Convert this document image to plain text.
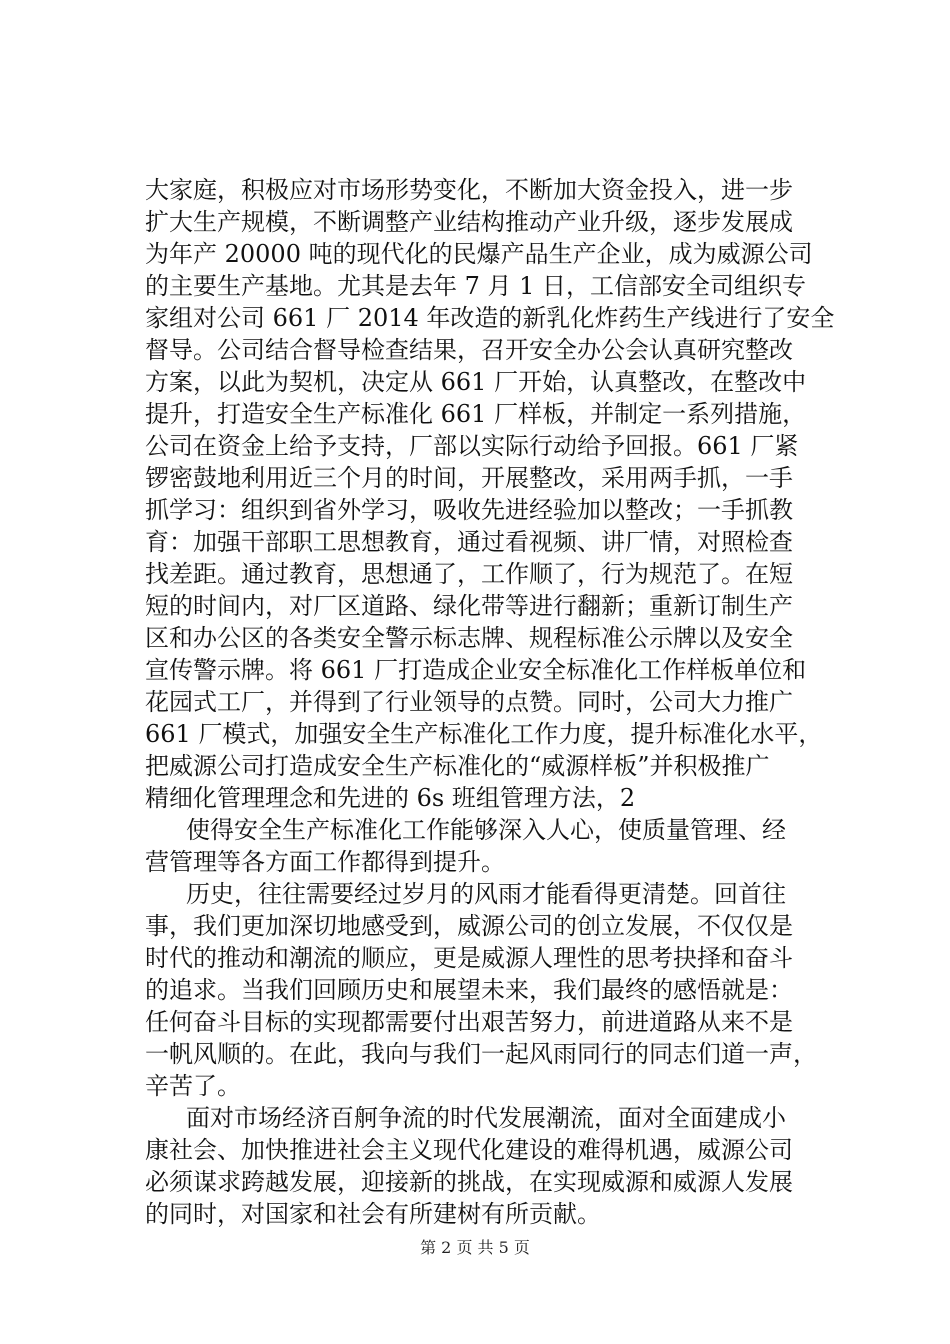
大家庭，积极应对市场形势变化，不断加大资金投入，进一步
扩大生产规模，不断调整产业结构推动产业升级，逐步发展成
为年产 20000 吨的现代化的民爆产品生产企业，成为威源公司
的主要生产基地。尤其是去年 7 月 1 日，工信部安全司组织专
家组对公司 661 厂 2014 年改造的新乳化炸药生产线进行了安全
督导。公司结合督导检查结果，召开安全办公会认真研究整改
方案，以此为契机，决定从 661 厂开始，认真整改，在整改中
提升，打造安全生产标准化 661 厂样板，并制定一系列措施，
公司在资金上给予支持，厂部以实际行动给予回报。661 厂紧
锣密鼓地利用近三个月的时间，开展整改，采用两手抓，一手
抓学习：组织到省外学习，吸收先进经验加以整改；一手抓教
育：加强干部职工思想教育，通过看视频、讲厂情，对照检查
找差距。通过教育，思想通了，工作顺了，行为规范了。在短
短的时间内，对厂区道路、绿化带等进行翻新；重新订制生产
区和办公区的各类安全警示标志牌、规程标准公示牌以及安全
宣传警示牌。将 661 厂打造成企业安全标准化工作样板单位和
花园式工厂，并得到了行业领导的点赞。同时，公司大力推广
661 厂模式，加强安全生产标准化工作力度，提升标准化水平，
把威源公司打造成安全生产标准化的“威源样板”并积极推广
精细化管理理念和先进的 6s 班组管理方法，2
使得安全生产标准化工作能够深入人心，使质量管理、经
营管理等各方面工作都得到提升。
历史，往往需要经过岁月的风雨才能看得更清楚。回首往
事，我们更加深切地感受到，威源公司的创立发展，不仅仅是
时代的推动和潮流的顺应，更是威源人理性的思考抉择和奋斗
的追求。当我们回顾历史和展望未来，我们最终的感悟就是：
任何奋斗目标的实现都需要付出艰苦努力，前进道路从来不是
一帆风顺的。在此，我向与我们一起风雨同行的同志们道一声，
辛苦了。
面对市场经济百舸争流的时代发展潮流，面对全面建成小
康社会、加快推进社会主义现代化建设的难得机遇，威源公司
必须谋求跨越发展，迎接新的挑战，在实现威源和威源人发展
的同时，对国家和社会有所建树有所贡献。
第 2 页 共 5 页
